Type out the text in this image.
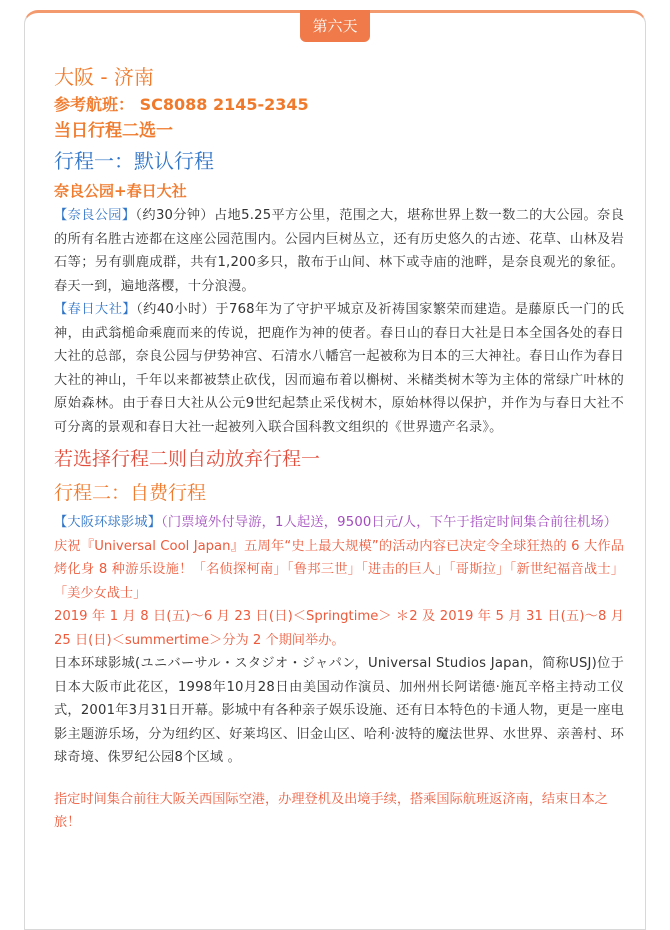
第六天
大阪 - 济南

参考航班： SC8088 2145-2345

当日行程二选一

行程一：默认行程

奈良公园+春日大社

【奈良公园】（约30分钟）占地5.25平方公里，范围之大，堪称世界上数一数二的大公园。奈良的所有名胜古迹都在这座公园范围内。公园内巨树丛立，还有历史悠久的古迹、花草、山林及岩石等；另有驯鹿成群，共有1,200多只，散布于山间、林下或寺庙的池畔，是奈良观光的象征。春天一到，遍地落樱，十分浪漫。

【春日大社】（约40小时）于768年为了守护平城京及祈祷国家繁荣而建造。是藤原氏一门的氏神，由武翁槌命乘鹿而来的传说，把鹿作为神的使者。春日山的春日大社是日本全国各处的春日大社的总部，奈良公园与伊势神宫、石清水八幡宫一起被称为日本的三大神社。春日山作为春日大社的神山，千年以来都被禁止砍伐，因而遍布着以槲树、米槠类树木等为主体的常绿广叶林的原始森林。由于春日大社从公元9世纪起禁止采伐树木，原始林得以保护，并作为与春日大社不可分离的景观和春日大社一起被列入联合国科教文组织的《世界遗产名录》。

若选择行程二则自动放弃行程一
行程二：自费行程

【大阪环球影城】（门票境外付导游，1人起送，9500日元/人，下午于指定时间集合前往机场）

庆祝『Universal Cool Japan』五周年“史上最大规模”的活动内容已决定令全球狂热的 6 大作品烤化身 8 种游乐设施！「名侦探柯南」「鲁邦三世」「进击的巨人」「哥斯拉」「新世纪福音战士」「美少女战士」

2019 年 1 月 8 日(五)～6 月 23 日(日)＜Springtime＞ ＊2 及 2019 年 5 月 31 日(五)～8 月 25 日(日)＜summertime＞分为 2 个期间举办。

日本环球影城(ユニバーサル・スタジオ・ジャパン，Universal Studios Japan，简称USJ)位于日本大阪市此花区，1998年10月28日由美国动作演员、加州州长阿诺德·施瓦辛格主持动工仪式，2001年3月31日开幕。影城中有各种亲子娱乐设施、还有日本特色的卡通人物，更是一座电影主题游乐场，分为纽约区、好莱坞区、旧金山区、哈利·波特的魔法世界、水世界、亲善村、环球奇境、侏罗纪公园8个区域 。

指定时间集合前往大阪关西国际空港，办理登机及出境手续，搭乘国际航班返济南，结束日本之旅！
